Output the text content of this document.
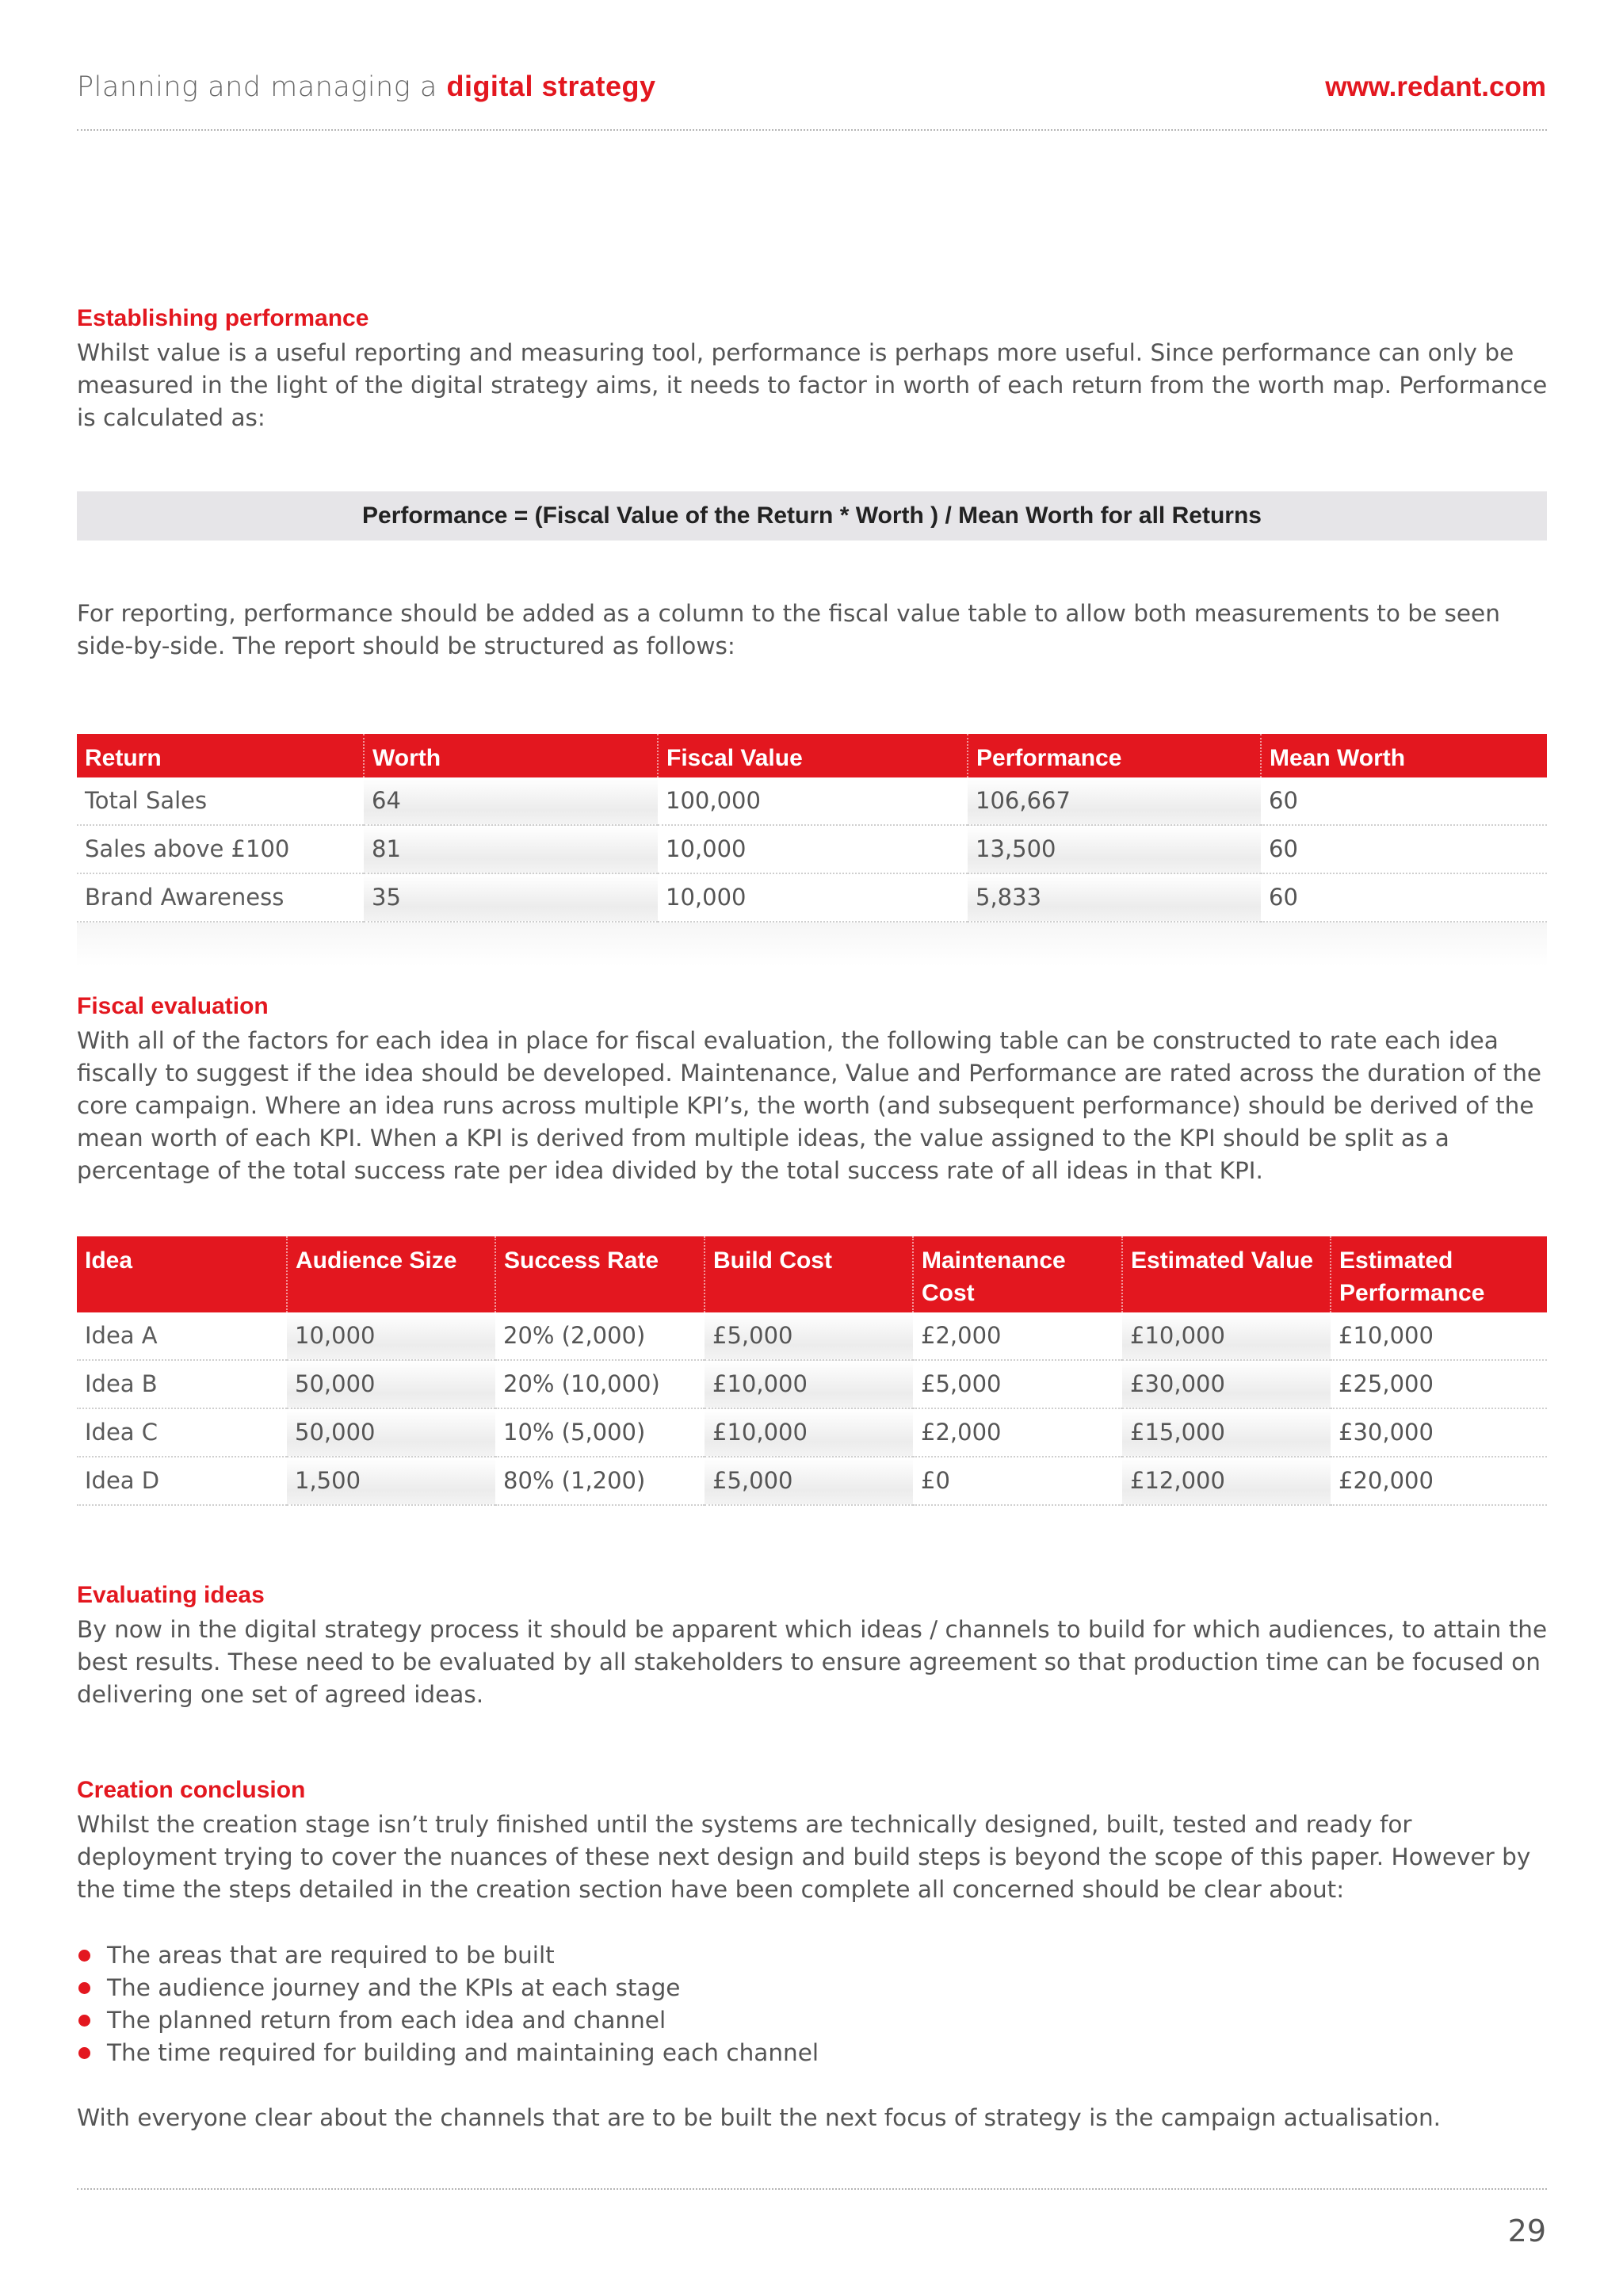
Planning and managing a digital strategy	www.redant.com
Establishing performance

Whilst value is a useful reporting and measuring tool, performance is perhaps more useful. Since performance can only be measured in the light of the digital strategy aims, it needs to factor in worth of each return from the worth map. Performance is calculated as:

Performance = (Fiscal Value of the Return * Worth ) / Mean Worth for all Returns

For reporting, performance should be added as a column to the fiscal value table to allow both measurements to be seen side-by-side. The report should be structured as follows:

Return	Worth	Fiscal Value	Performance	Mean Worth
Total Sales	64	100,000	106,667	60
Sales above £100	81	10,000	13,500	60
Brand Awareness	35	10,000	5,833	60
Fiscal evaluation

With all of the factors for each idea in place for fiscal evaluation, the following table can be constructed to rate each idea fiscally to suggest if the idea should be developed. Maintenance, Value and Performance are rated across the duration of the core campaign. Where an idea runs across multiple KPI’s, the worth (and subsequent performance) should be derived of the mean worth of each KPI. When a KPI is derived from multiple ideas, the value assigned to the KPI should be split as a percentage of the total success rate per idea divided by the total success rate of all ideas in that KPI.

Idea	Audience Size	Success Rate	Build Cost	Maintenance Cost	Estimated Value	Estimated Performance
Idea A	10,000	20% (2,000)	£5,000	£2,000	£10,000	£10,000
Idea B	50,000	20% (10,000)	£10,000	£5,000	£30,000	£25,000
Idea C	50,000	10% (5,000)	£10,000	£2,000	£15,000	£30,000
Idea D	1,500	80% (1,200)	£5,000	£0	£12,000	£20,000
Evaluating ideas

By now in the digital strategy process it should be apparent which ideas / channels to build for which audiences, to attain the best results. These need to be evaluated by all stakeholders to ensure agreement so that production time can be focused on delivering one set of agreed ideas.

Creation conclusion

Whilst the creation stage isn’t truly finished until the systems are technically designed, built, tested and ready for deployment trying to cover the nuances of these next design and build steps is beyond the scope of this paper. However by the time the steps detailed in the creation section have been complete all concerned should be clear about:

The areas that are required to be built
The audience journey and the KPIs at each stage
The planned return from each idea and channel
The time required for building and maintaining each channel

With everyone clear about the channels that are to be built the next focus of strategy is the campaign actualisation.

29
